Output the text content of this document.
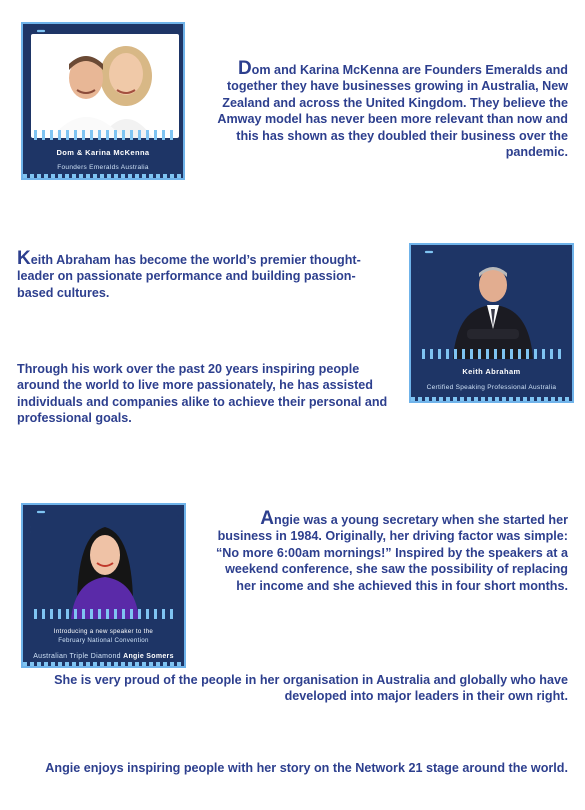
Dom & Karina McKenna
Founders Emeralds Australia

Dom and Karina McKenna are Founders Emeralds and together they have businesses growing in Australia, New Zealand and across the United Kingdom. They believe the Amway model has never been more relevant than now and this has shown as they doubled their business over the pandemic.

Keith Abraham has become the world’s premier thought-leader on passionate performance and building passion-based cultures.

Through his work over the past 20 years inspiring people around the world to live more passionately, he has assisted individuals and companies alike to achieve their personal and professional goals.

Keith Abraham
Certified Speaking Professional Australia
Introducing a new speaker to the
February National Convention
Australian Triple Diamond Angie Somers

Angie was a young secretary when she started her business in 1984. Originally, her driving factor was simple: “No more 6:00am mornings!” Inspired by the speakers at a weekend conference, she saw the possibility of replacing her income and she achieved this in four short months.

She is very proud of the people in her organisation in Australia and globally who have developed into major leaders in their own right.

Angie enjoys inspiring people with her story on the Network 21 stage around the world.
